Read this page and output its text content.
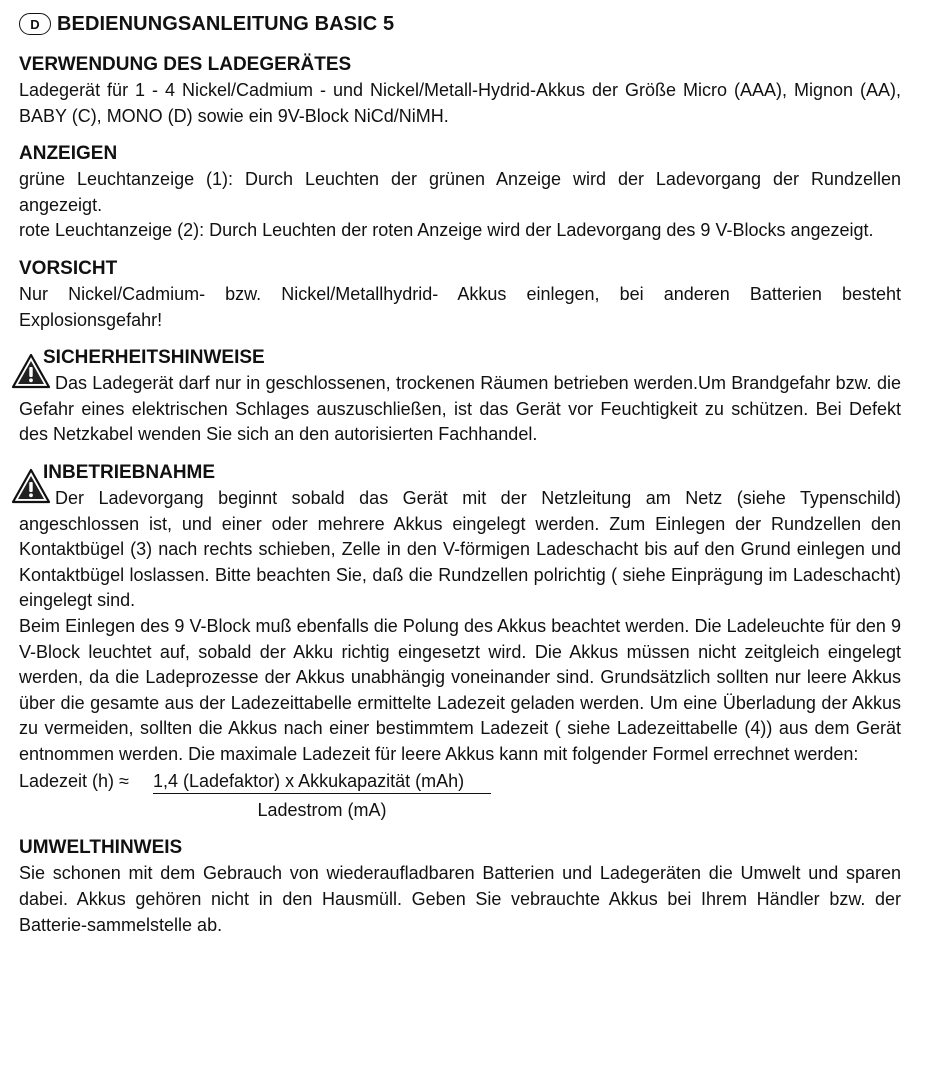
D BEDIENUNGSANLEITUNG BASIC 5
VERWENDUNG DES LADEGERÄTES
Ladegerät für 1 - 4 Nickel/Cadmium - und Nickel/Metall-Hydrid-Akkus der Größe Micro (AAA), Mignon (AA), BABY (C), MONO (D) sowie ein 9V-Block NiCd/NiMH.
ANZEIGEN
grüne Leuchtanzeige (1): Durch Leuchten der grünen Anzeige wird der Ladevorgang der Rundzellen angezeigt.
rote Leuchtanzeige (2): Durch Leuchten der roten Anzeige wird der Ladevorgang des 9 V-Blocks angezeigt.
VORSICHT
Nur Nickel/Cadmium- bzw. Nickel/Metallhydrid- Akkus einlegen, bei anderen Batterien besteht Explosionsgefahr!
SICHERHEITSHINWEISE
Das Ladegerät darf nur in geschlossenen, trockenen Räumen betrieben werden.Um Brandgefahr bzw. die Gefahr eines elektrischen Schlages auszuschließen, ist das Gerät vor Feuchtigkeit zu schützen. Bei Defekt des Netzkabel wenden Sie sich an den autorisierten Fachhandel.
INBETRIEBNAHME
Der Ladevorgang beginnt sobald das Gerät mit der Netzleitung am Netz (siehe Typenschild) angeschlossen ist, und einer oder mehrere Akkus eingelegt werden. Zum Einlegen der Rundzellen den Kontaktbügel (3) nach rechts schieben, Zelle in den V-förmigen Ladeschacht bis auf den Grund einlegen und Kontaktbügel loslassen. Bitte beachten Sie, daß die Rundzellen polrichtig ( siehe Einprägung im Ladeschacht) eingelegt sind.
Beim Einlegen des 9 V-Block muß ebenfalls die Polung des Akkus beachtet werden. Die Ladeleuchte für den 9 V-Block leuchtet auf, sobald der Akku richtig eingesetzt wird. Die Akkus müssen nicht zeitgleich eingelegt werden, da die Ladeprozesse der Akkus unabhängig voneinander sind. Grundsätzlich sollten nur leere Akkus über die gesamte aus der Ladezeittabelle ermittelte Ladezeit geladen werden. Um eine Überladung der Akkus zu vermeiden, sollten die Akkus nach einer bestimmtem Ladezeit ( siehe Ladezeittabelle (4)) aus dem Gerät entnommen werden. Die maximale Ladezeit für leere Akkus kann mit folgender Formel errechnet werden:
Ladezeit (h) ≈ 1,4 (Ladefaktor) x Akkukapazität (mAh)
Ladestrom (mA)
UMWELTHINWEIS
Sie schonen mit dem Gebrauch von wiederaufladbaren Batterien und Ladegeräten die Umwelt und sparen dabei. Akkus gehören nicht in den Hausmüll. Geben Sie vebrauchte Akkus bei Ihrem Händler bzw. der Batterie-sammelstelle ab.
